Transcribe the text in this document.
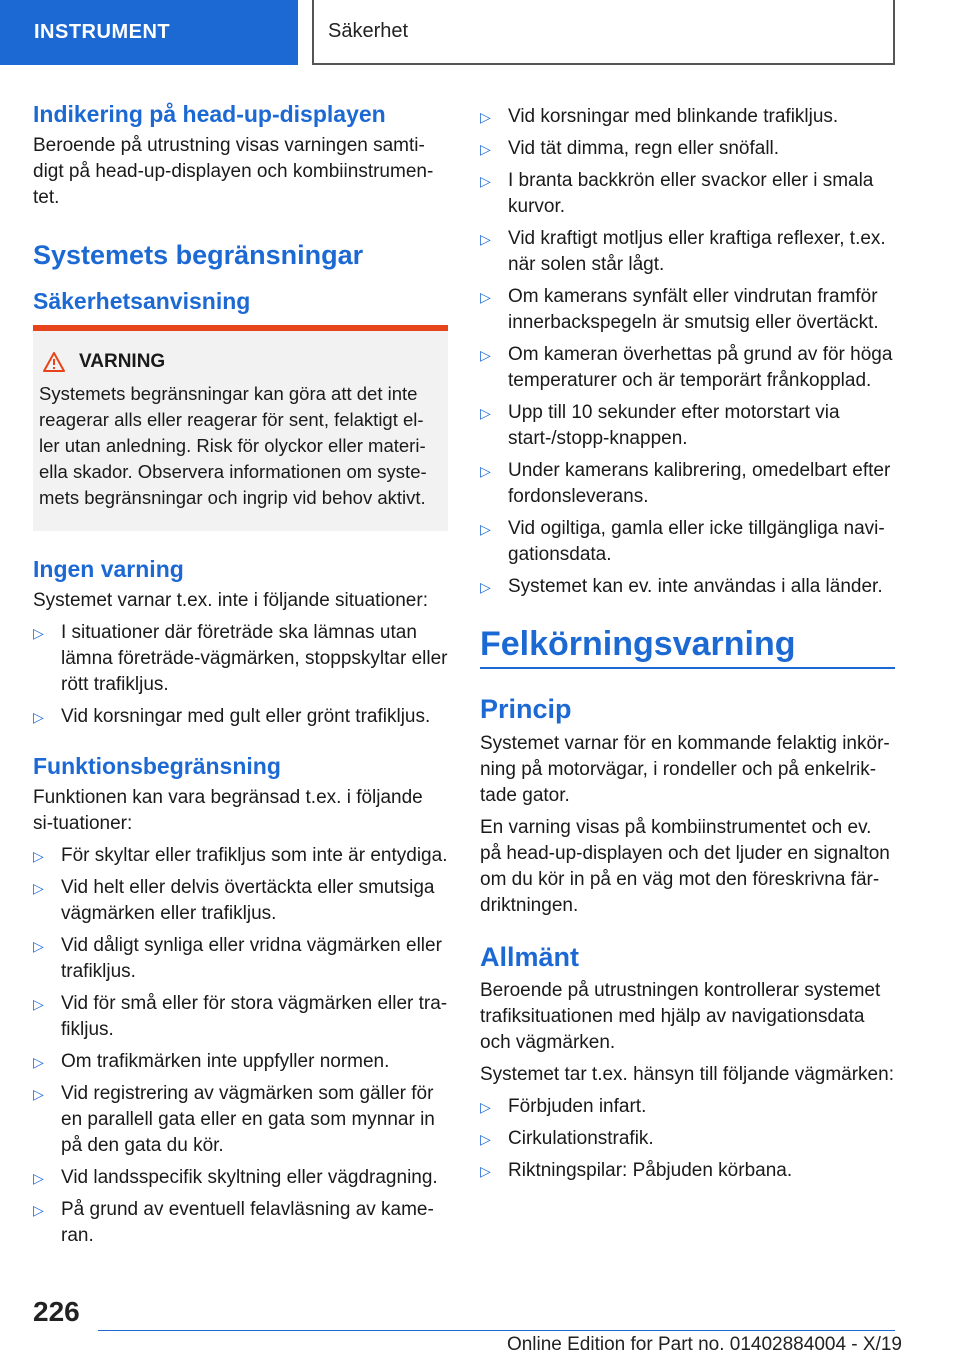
INSTRUMENT	Säkerhet
Indikering på head-up-displayen

Beroende på utrustning visas varningen samti-digt på head-up-displayen och kombiinstrumen-tet.

Systemets begränsningar
Säkerhetsanvisning
VARNING

Systemets begränsningar kan göra att det inte reagerar alls eller reagerar för sent, felaktigt el-ler utan anledning. Risk för olyckor eller materi-ella skador. Observera informationen om syste-mets begränsningar och ingrip vid behov aktivt.

Ingen varning

Systemet varnar t.ex. inte i följande situationer:

▷ I situationer där företräde ska lämnas utan lämna företräde-vägmärken, stoppskyltar eller rött trafikljus.
▷ Vid korsningar med gult eller grönt trafikljus.
Funktionsbegränsning

Funktionen kan vara begränsad t.ex. i följande si-tuationer:

▷ För skyltar eller trafikljus som inte är entydiga.
▷ Vid helt eller delvis övertäckta eller smutsiga vägmärken eller trafikljus.
▷ Vid dåligt synliga eller vridna vägmärken eller trafikljus.
▷ Vid för små eller för stora vägmärken eller tra-fikljus.
▷ Om trafikmärken inte uppfyller normen.
▷ Vid registrering av vägmärken som gäller för en parallell gata eller en gata som mynnar in på den gata du kör.
▷ Vid landsspecifik skyltning eller vägdragning.
▷ På grund av eventuell felavläsning av kame-ran.
▷ Vid korsningar med blinkande trafikljus.
▷ Vid tät dimma, regn eller snöfall.
▷ I branta backkrön eller svackor eller i smala kurvor.
▷ Vid kraftigt motljus eller kraftiga reflexer, t.ex. när solen står lågt.
▷ Om kamerans synfält eller vindrutan framför innerbackspegeln är smutsig eller övertäckt.
▷ Om kameran överhettas på grund av för höga temperaturer och är temporärt frånkopplad.
▷ Upp till 10 sekunder efter motorstart via start-/stopp-knappen.
▷ Under kamerans kalibrering, omedelbart efter fordonsleverans.
▷ Vid ogiltiga, gamla eller icke tillgängliga navi-gationsdata.
▷ Systemet kan ev. inte användas i alla länder.
Felkörningsvarning
Princip

Systemet varnar för en kommande felaktig inkör-ning på motorvägar, i rondeller och på enkelrik-tade gator.

En varning visas på kombiinstrumentet och ev. på head-up-displayen och det ljuder en signalton om du kör in på en väg mot den föreskrivna fär-driktningen.

Allmänt

Beroende på utrustningen kontrollerar systemet trafiksituationen med hjälp av navigationsdata och vägmärken.

Systemet tar t.ex. hänsyn till följande vägmärken:

▷ Förbjuden infart.
▷ Cirkulationstrafik.
▷ Riktningspilar: Påbjuden körbana.
226
Online Edition for Part no. 01402884004 - X/19
